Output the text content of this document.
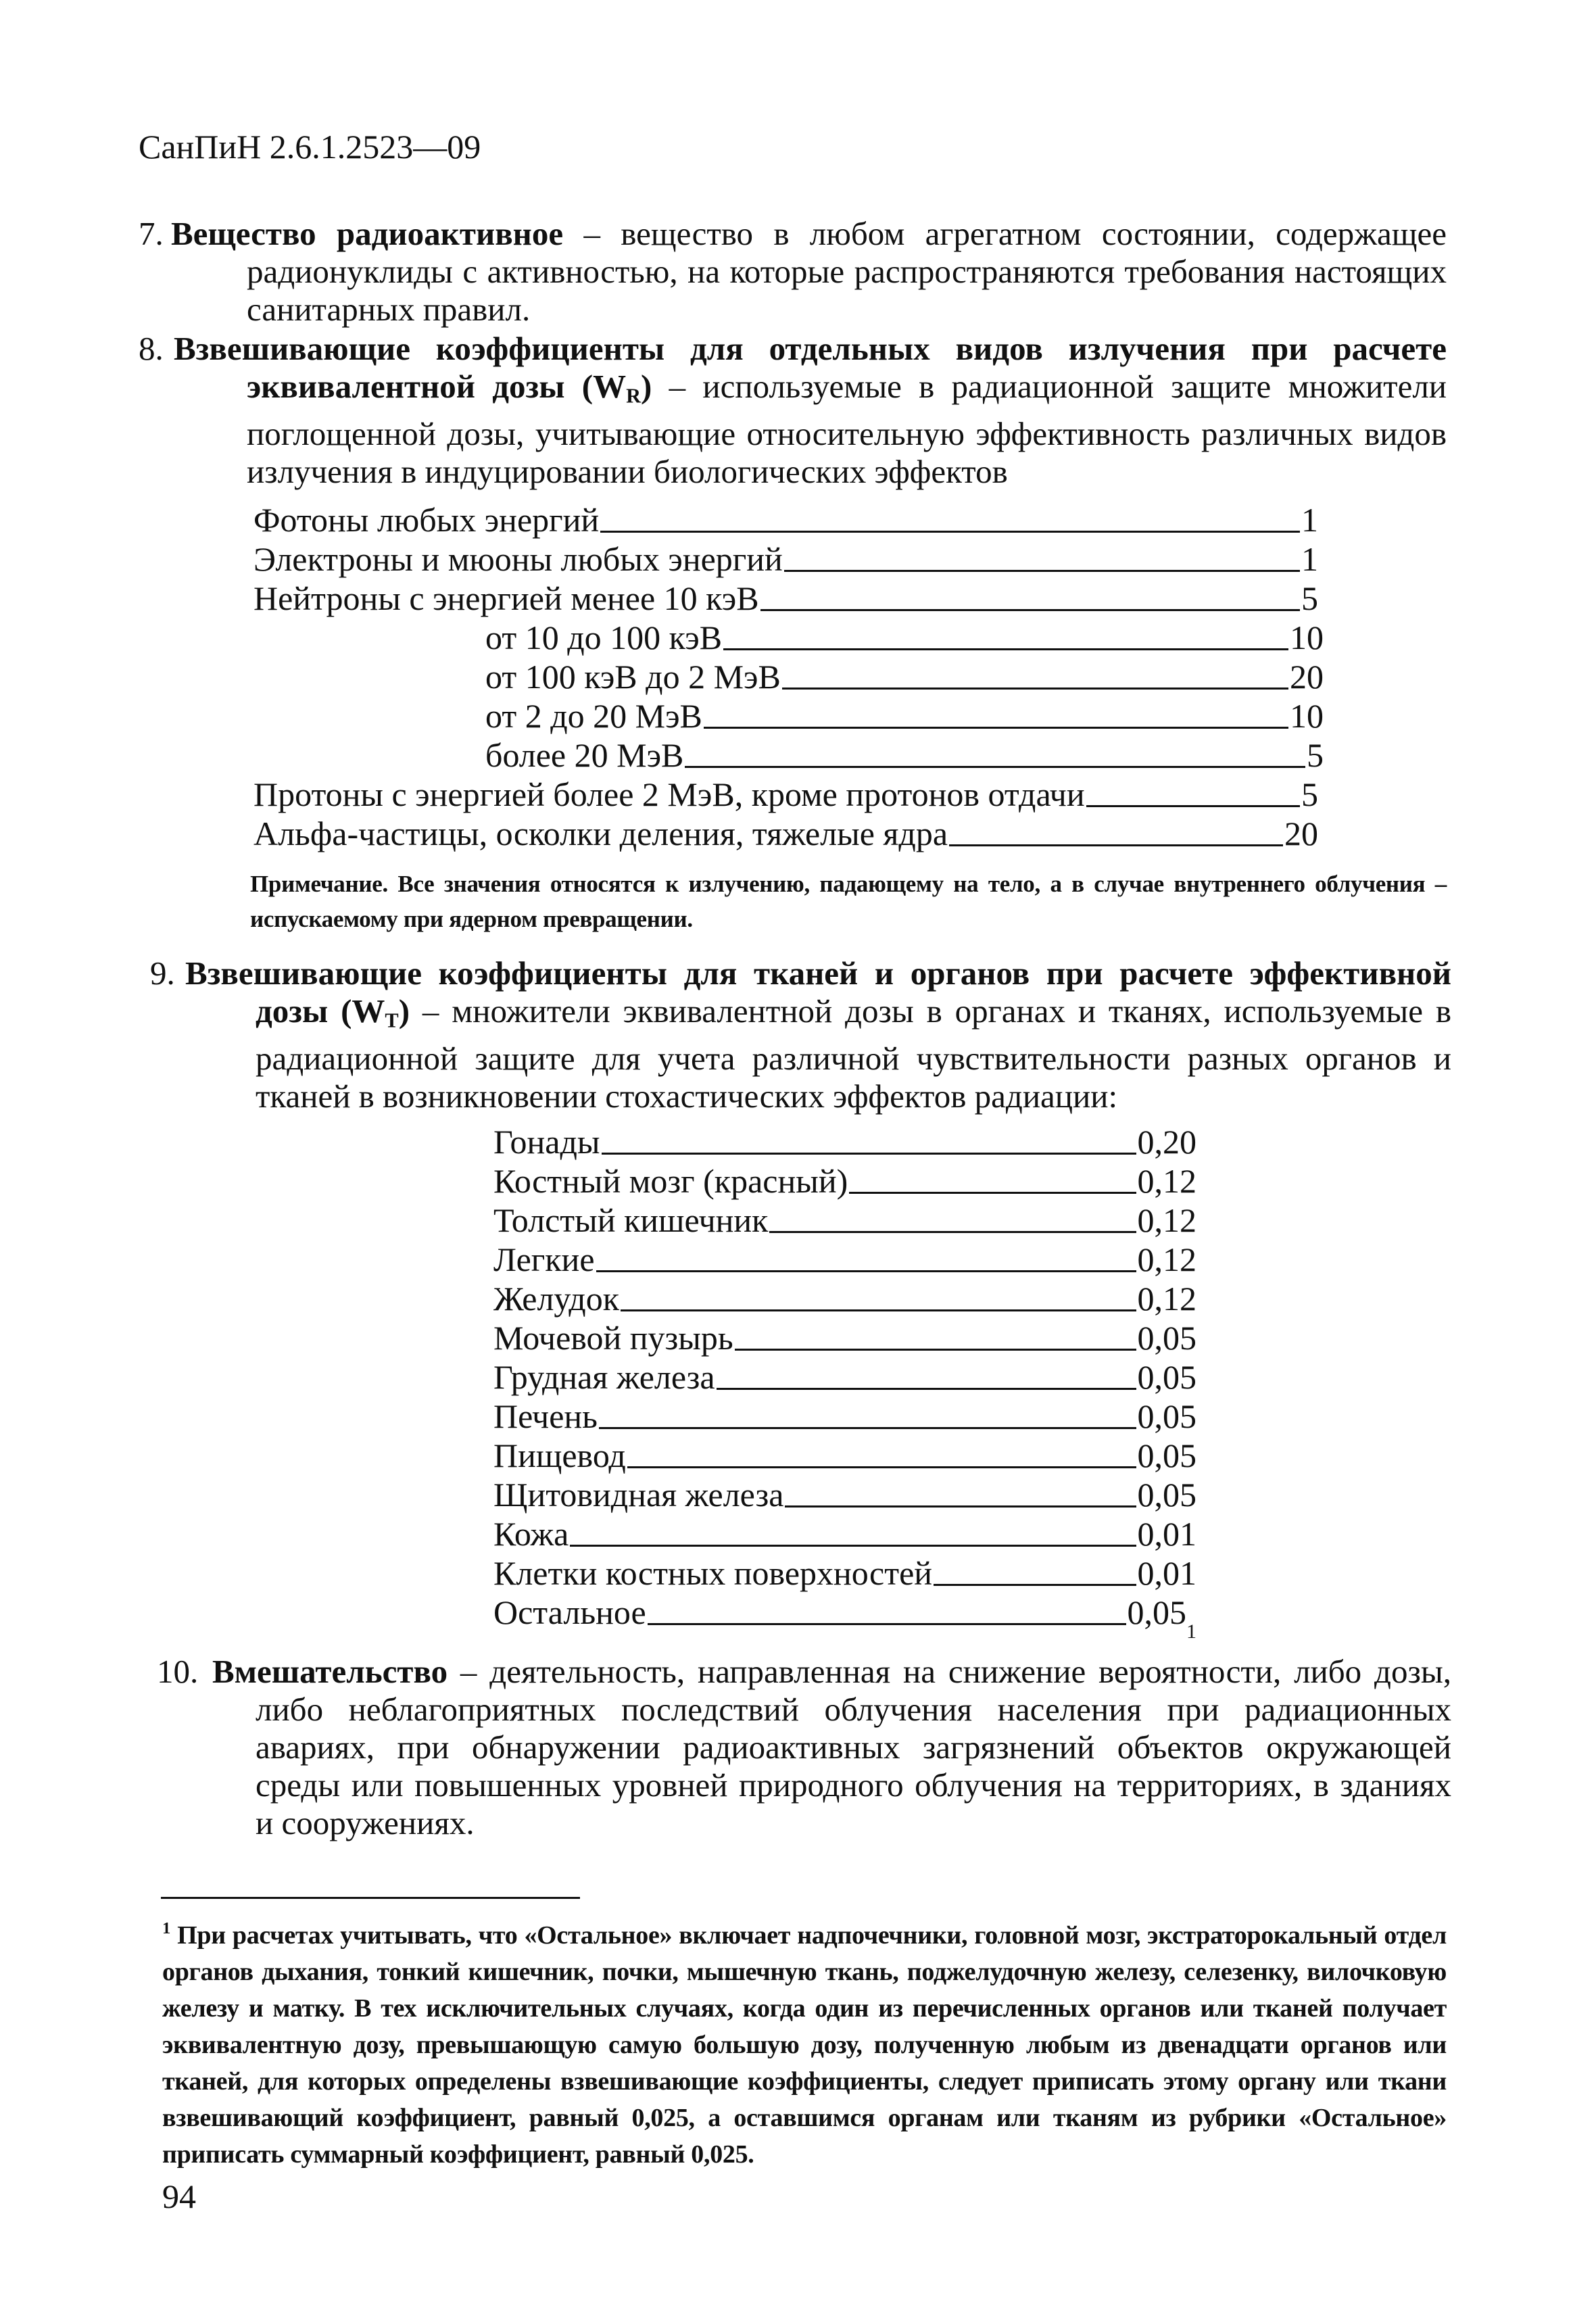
СанПиН 2.6.1.2523—09
7. Вещество радиоактивное – вещество в любом агрегатном состоянии, содержащее радионуклиды с активностью, на которые распространяются требования настоящих санитарных правил.

8. Взвешивающие коэффициенты для отдельных видов излучения при расчете эквивалентной дозы $(W_R)$ – используемые в радиационной защите множители поглощенной дозы, учитывающие относительную эффективность различных видов излучения в индуцировании биологических эффектов

Фотоны любых энергий	1
Электроны и мюоны любых энергий	1
Нейтроны с энергией менее 10 кэВ	5
от 10 до 100 кэВ	10
от 100 кэВ до 2 МэВ	20
от 2 до 20 МэВ	10
более 20 МэВ	5
Протоны с энергией более 2 МэВ, кроме протонов отдачи	5
Альфа-частицы, осколки деления, тяжелые ядра	20
Примечание. Все значения относятся к излучению, падающему на тело, а в случае внутреннего облучения – испускаемому при ядерном превращении.
9. Взвешивающие коэффициенты для тканей и органов при расчете эффективной дозы $(W_T)$ – множители эквивалентной дозы в органах и тканях, используемые в радиационной защите для учета различной чувствительности разных органов и тканей в возникновении стохастических эффектов радиации:

Гонады	0,20
Костный мозг (красный)	0,12
Толстый кишечник	0,12
Легкие	0,12
Желудок	0,12
Мочевой пузырь	0,05
Грудная железа	0,05
Печень	0,05
Пищевод	0,05
Щитовидная железа	0,05
Кожа	0,01
Клетки костных поверхностей	0,01
Остальное	0,05
1
10. Вмешательство – деятельность, направленная на снижение вероятности, либо дозы, либо неблагоприятных последствий облучения населения при радиационных авариях, при обнаружении радиоактивных загрязнений объектов окружающей среды или повышенных уровней природного облучения на территориях, в зданиях и сооружениях.

$^1$ При расчетах учитывать, что «Остальное» включает надпочечники, головной мозг, экстраторокальный отдел органов дыхания, тонкий кишечник, почки, мышечную ткань, поджелудочную железу, селезенку, вилочковую железу и матку. В тех исключительных случаях, когда один из перечисленных органов или тканей получает эквивалентную дозу, превышающую самую большую дозу, полученную любым из двенадцати органов или тканей, для которых определены взвешивающие коэффициенты, следует приписать этому органу или ткани взвешивающий коэффициент, равный 0,025, а оставшимся органам или тканям из рубрики «Остальное» приписать суммарный коэффициент, равный 0,025.
94
